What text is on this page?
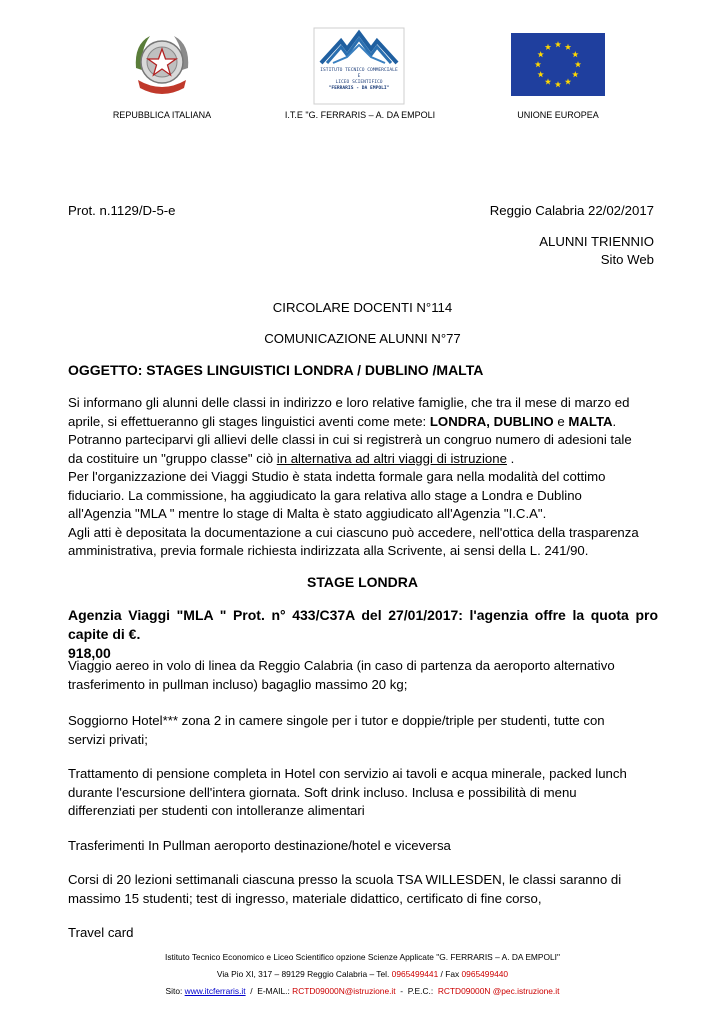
ISTITUTO TECNICO COMMERCIALE
E
LICEO SCIENTIFICO
"FERRARIS - DA EMPOLI"
REPUBBLICA ITALIANA	I.T.E "G. FERRARIS – A. DA EMPOLI	UNIONE EUROPEA
Prot. n.1129/D-5-e	Reggio Calabria 22/02/2017
ALUNNI TRIENNIO
Sito Web
CIRCOLARE DOCENTI N°114
COMUNICAZIONE ALUNNI N°77
OGGETTO: STAGES LINGUISTICI LONDRA / DUBLINO /MALTA
Si informano gli alunni delle classi in indirizzo e loro relative famiglie, che tra il mese di marzo ed
aprile, si effettueranno gli stages linguistici aventi come mete: LONDRA, DUBLINO e MALTA.
Potranno parteciparvi gli allievi delle classi in cui si registrerà un congruo numero di adesioni tale
da costituire un "gruppo classe" ciò in alternativa ad altri viaggi di istruzione .
Per l'organizzazione dei Viaggi Studio è stata indetta formale gara nella modalità del cottimo
fiduciario. La commissione, ha aggiudicato la gara relativa allo stage a Londra e Dublino
all'Agenzia "MLA " mentre lo stage di Malta è stato aggiudicato all'Agenzia "I.C.A".
Agli atti è depositata la documentazione a cui ciascuno può accedere, nell'ottica della trasparenza
amministrativa, previa formale richiesta indirizzata alla Scrivente, ai sensi della L. 241/90.
STAGE LONDRA
Agenzia Viaggi "MLA " Prot. n° 433/C37A del 27/01/2017: l'agenzia offre la quota pro capite di €.
918,00
Viaggio aereo in volo di linea da Reggio Calabria (in caso di partenza da aeroporto alternativo
trasferimento in pullman incluso) bagaglio massimo 20 kg;
Soggiorno Hotel*** zona 2 in camere singole per i tutor e doppie/triple per studenti, tutte con
servizi privati;
Trattamento di pensione completa in Hotel con servizio ai tavoli e acqua minerale, packed lunch
durante l'escursione dell'intera giornata. Soft drink incluso. Inclusa e possibilità di menu
differenziati per studenti con intolleranze alimentari
Trasferimenti In Pullman aeroporto destinazione/hotel e viceversa
Corsi di 20 lezioni settimanali ciascuna presso la scuola TSA WILLESDEN, le classi saranno di
massimo 15 studenti; test di ingresso, materiale didattico, certificato di fine corso,
Travel card
Istituto Tecnico Economico e Liceo Scientifico opzione Scienze Applicate "G. FERRARIS – A. DA EMPOLI"
Via Pio XI, 317 – 89129 Reggio Calabria – Tel. 0965499441 / Fax 0965499440
Sito: www.itcferraris.it  /  E-MAIL.: RCTD09000N@istruzione.it  -  P.E.C.:  RCTD09000N @pec.istruzione.it
